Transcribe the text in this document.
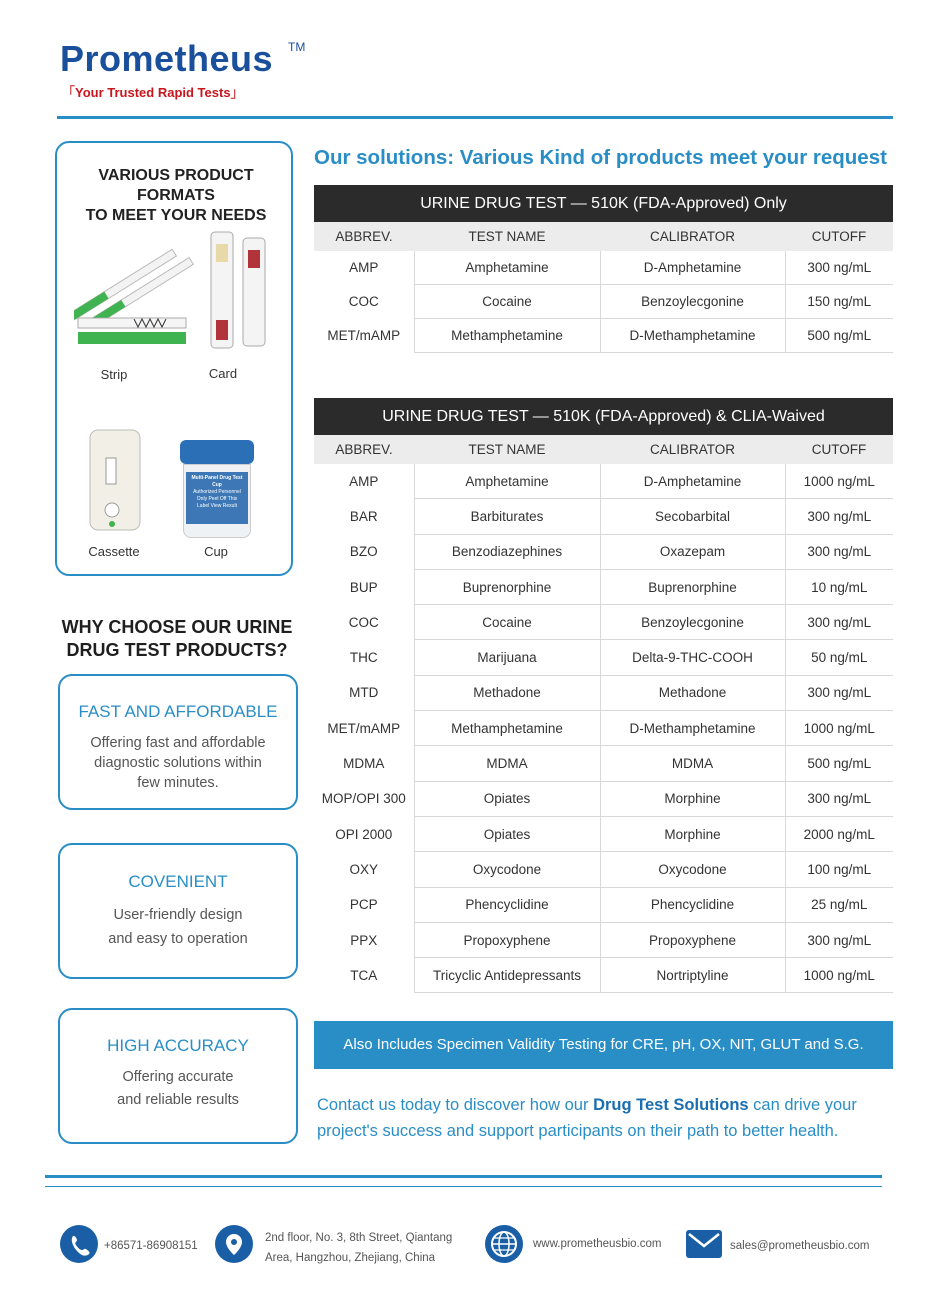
Prometheus TM
「Your Trusted Rapid Tests」
VARIOUS PRODUCT FORMATS
TO MEET YOUR NEEDS
Strip	Card
Cassette
Multi-Panel Drug Test Cup
Authorized Personnel
Only Peel Off This
Label View Result
Cup
WHY CHOOSE OUR URINE
DRUG TEST PRODUCTS?
FAST AND AFFORDABLE
Offering fast and affordable
diagnostic solutions within
few minutes.
COVENIENT
User-friendly design
and easy to operation
HIGH ACCURACY
Offering accurate
and reliable results
Our solutions: Various Kind of products meet your request
URINE DRUG TEST — 510K (FDA-Approved) Only			
ABBREV.	TEST NAME	CALIBRATOR	CUTOFF
AMP	Amphetamine	D-Amphetamine	300 ng/mL
COC	Cocaine	Benzoylecgonine	150 ng/mL
MET/mAMP	Methamphetamine	D-Methamphetamine	500 ng/mL
URINE DRUG TEST — 510K (FDA-Approved) & CLIA-Waived			
ABBREV.	TEST NAME	CALIBRATOR	CUTOFF
AMP	Amphetamine	D-Amphetamine	1000 ng/mL
BAR	Barbiturates	Secobarbital	300 ng/mL
BZO	Benzodiazephines	Oxazepam	300 ng/mL
BUP	Buprenorphine	Buprenorphine	10 ng/mL
COC	Cocaine	Benzoylecgonine	300 ng/mL
THC	Marijuana	Delta-9-THC-COOH	50 ng/mL
MTD	Methadone	Methadone	300 ng/mL
MET/mAMP	Methamphetamine	D-Methamphetamine	1000 ng/mL
MDMA	MDMA	MDMA	500 ng/mL
MOP/OPI 300	Opiates	Morphine	300 ng/mL
OPI 2000	Opiates	Morphine	2000 ng/mL
OXY	Oxycodone	Oxycodone	100 ng/mL
PCP	Phencyclidine	Phencyclidine	25 ng/mL
PPX	Propoxyphene	Propoxyphene	300 ng/mL
TCA	Tricyclic Antidepressants	Nortriptyline	1000 ng/mL
Also Includes Specimen Validity Testing for CRE, pH, OX, NIT, GLUT and S.G.
Contact us today to discover how our Drug Test Solutions can drive your project's success and support participants on their path to better health.
+86571-86908151
2nd floor, No. 3, 8th Street, Qiantang
Area, Hangzhou, Zhejiang, China
www.prometheusbio.com	sales@prometheusbio.com
